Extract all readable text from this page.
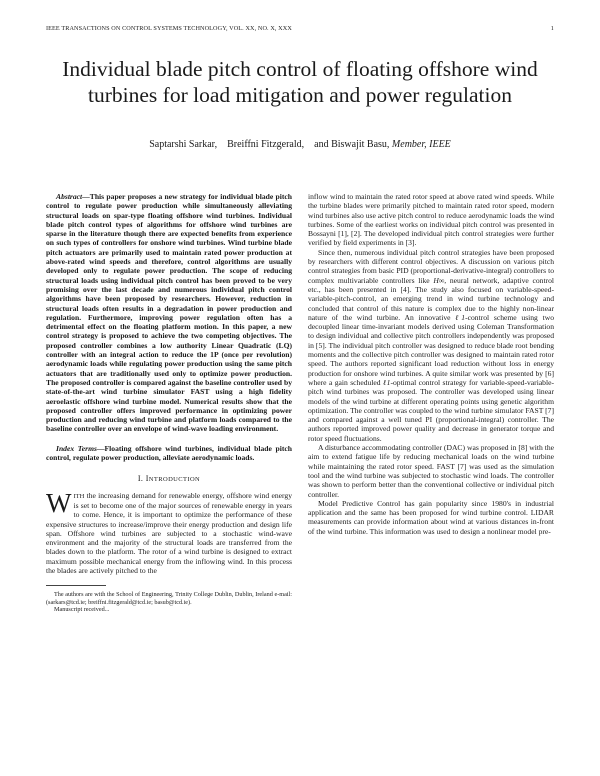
IEEE TRANSACTIONS ON CONTROL SYSTEMS TECHNOLOGY, VOL. XX, NO. X, XXX	1
Individual blade pitch control of floating offshore wind turbines for load mitigation and power regulation
Saptarshi Sarkar, Breiffni Fitzgerald, and Biswajit Basu, Member, IEEE

Abstract—This paper proposes a new strategy for individual blade pitch control to regulate power production while simultaneously alleviating structural loads on spar-type floating offshore wind turbines. Individual blade pitch control types of algorithms for offshore wind turbines are sparse in the literature though there are expected benefits from experience on such types of controllers for onshore wind turbines. Wind turbine blade pitch actuators are primarily used to maintain rated power production at above-rated wind speeds and therefore, control algorithms are usually developed only to regulate power production. The scope of reducing structural loads using individual pitch control has been proved to be very promising over the last decade and numerous individual pitch control algorithms have been proposed by researchers. However, reduction in structural loads often results in a degradation in power production and regulation. Furthermore, improving power regulation often has a detrimental effect on the floating platform motion. In this paper, a new control strategy is proposed to achieve the two competing objectives. The proposed controller combines a low authority Linear Quadratic (LQ) controller with an integral action to reduce the 1P (once per revolution) aerodynamic loads while regulating power production using the same pitch actuators that are traditionally used only to optimize power production. The proposed controller is compared against the baseline controller used by state-of-the-art wind turbine simulator FAST using a high fidelity aeroelastic offshore wind turbine model. Numerical results show that the proposed controller offers improved performance in optimizing power production and reducing wind turbine and platform loads compared to the baseline controller over an envelope of wind-wave loading environment.

Index Terms—Floating offshore wind turbines, individual blade pitch control, regulate power production, alleviate aerodynamic loads.

I. INTRODUCTION

WITH the increasing demand for renewable energy, offshore wind energy is set to become one of the major sources of renewable energy in years to come. Hence, it is important to optimize the performance of these expensive structures to increase/improve their energy production and design life span. Offshore wind turbines are subjected to a stochastic wind-wave environment and the majority of the structural loads are transferred from the blades down to the platform. The rotor of a wind turbine is designed to extract maximum possible mechanical energy from the inflowing wind. In this process the blades are actively pitched to the

The authors are with the School of Engineering, Trinity College Dublin, Dublin, Ireland e-mail: (sarkars@tcd.ie; breiffni.fitzgerald@tcd.ie; basub@tcd.ie).

Manuscript received...

inflow wind to maintain the rated rotor speed at above rated wind speeds. While the turbine blades were primarily pitched to maintain rated rotor speed, modern wind turbines also use active pitch control to reduce aerodynamic loads the wind turbines. Some of the earliest works on individual pitch control was presented in Bossayni [1], [2]. The developed individual pitch control strategies were further verified by field experiments in [3].

Since then, numerous individual pitch control strategies have been proposed by researchers with different control objectives. A discussion on various pitch control strategies from basic PID (proportional-derivative-integral) controllers to complex multivariable controllers like H∞, neural network, adaptive control etc., has been presented in [4]. The study also focused on variable-speed-variable-pitch-control, an emerging trend in wind turbine technology and concluded that control of this nature is complex due to the highly non-linear nature of the wind turbine. An innovative ℓ1-control scheme using two decoupled linear time-invariant models derived using Coleman Transformation to design individual and collective pitch controllers independently was proposed in [5]. The individual pitch controller was designed to reduce blade root bending moments and the collective pitch controller was designed to maintain rated rotor speed. The authors reported significant load reduction without loss in energy production for onshore wind turbines. A quite similar work was presented by [6] where a gain scheduled ℓ1-optimal control strategy for variable-speed-variable-pitch wind turbines was proposed. The controller was developed using linear models of the wind turbine at different operating points using genetic algorithm optimization. The controller was coupled to the wind turbine simulator FAST [7] and compared against a well tuned PI (proportional-integral) controller. The authors reported improved power quality and decrease in generator torque and rotor speed fluctuations.

A disturbance accommodating controller (DAC) was proposed in [8] with the aim to extend fatigue life by reducing mechanical loads on the wind turbine while maintaining the rated rotor speed. FAST [7] was used as the simulation tool and the wind turbine was subjected to stochastic wind loads. The controller was shown to perform better than the conventional collective or individual pitch controller.

Model Predictive Control has gain popularity since 1980's in industrial application and the same has been proposed for wind turbine control. LIDAR measurements can provide information about wind at various distances in-front of the wind turbine. This information was used to design a nonlinear model pre-
